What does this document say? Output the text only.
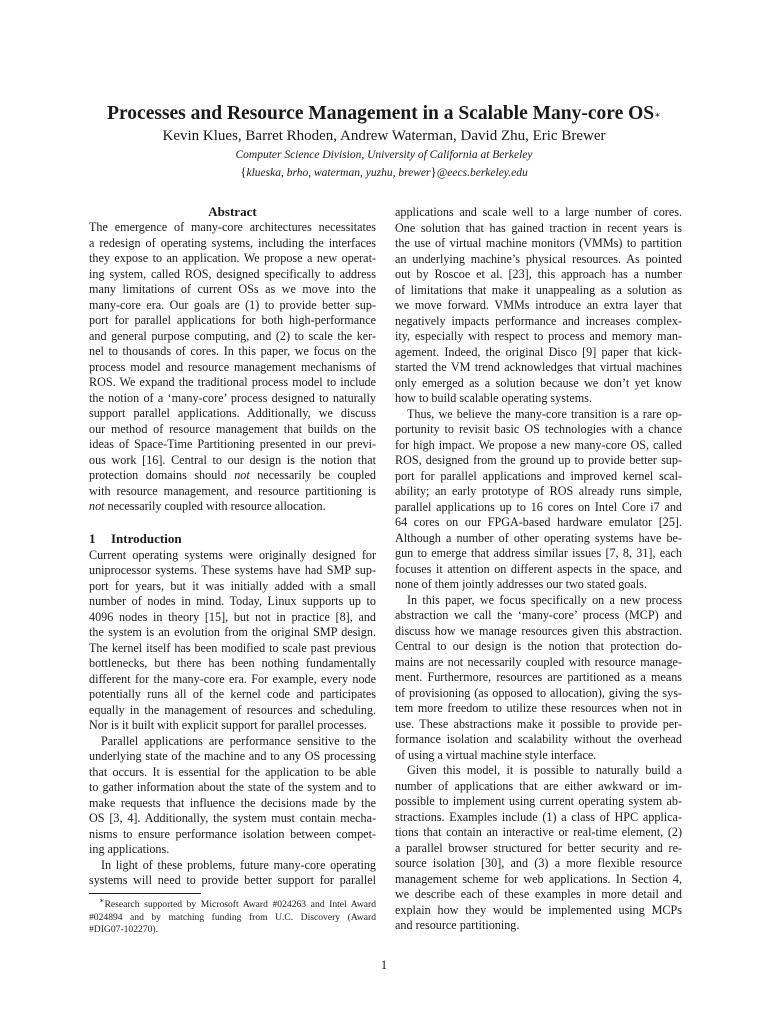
Processes and Resource Management in a Scalable Many-core OS∗
Kevin Klues, Barret Rhoden, Andrew Waterman, David Zhu, Eric Brewer
Computer Science Division, University of California at Berkeley
{klueska, brho, waterman, yuzhu, brewer}@eecs.berkeley.edu
Abstract
The emergence of many-core architectures necessitates
a redesign of operating systems, including the interfaces
they expose to an application. We propose a new operat-
ing system, called ROS, designed specifically to address
many limitations of current OSs as we move into the
many-core era. Our goals are (1) to provide better sup-
port for parallel applications for both high-performance
and general purpose computing, and (2) to scale the ker-
nel to thousands of cores. In this paper, we focus on the
process model and resource management mechanisms of
ROS. We expand the traditional process model to include
the notion of a ‘many-core’ process designed to naturally
support parallel applications. Additionally, we discuss
our method of resource management that builds on the
ideas of Space-Time Partitioning presented in our previ-
ous work [16]. Central to our design is the notion that
protection domains should not necessarily be coupled
with resource management, and resource partitioning is
not necessarily coupled with resource allocation.
1 Introduction
Current operating systems were originally designed for
uniprocessor systems. These systems have had SMP sup-
port for years, but it was initially added with a small
number of nodes in mind. Today, Linux supports up to
4096 nodes in theory [15], but not in practice [8], and
the system is an evolution from the original SMP design.
The kernel itself has been modified to scale past previous
bottlenecks, but there has been nothing fundamentally
different for the many-core era. For example, every node
potentially runs all of the kernel code and participates
equally in the management of resources and scheduling.
Nor is it built with explicit support for parallel processes.
Parallel applications are performance sensitive to the
underlying state of the machine and to any OS processing
that occurs. It is essential for the application to be able
to gather information about the state of the system and to
make requests that influence the decisions made by the
OS [3, 4]. Additionally, the system must contain mecha-
nisms to ensure performance isolation between compet-
ing applications.
In light of these problems, future many-core operating
systems will need to provide better support for parallel
applications and scale well to a large number of cores.
One solution that has gained traction in recent years is
the use of virtual machine monitors (VMMs) to partition
an underlying machine’s physical resources. As pointed
out by Roscoe et al. [23], this approach has a number
of limitations that make it unappealing as a solution as
we move forward. VMMs introduce an extra layer that
negatively impacts performance and increases complex-
ity, especially with respect to process and memory man-
agement. Indeed, the original Disco [9] paper that kick-
started the VM trend acknowledges that virtual machines
only emerged as a solution because we don’t yet know
how to build scalable operating systems.
Thus, we believe the many-core transition is a rare op-
portunity to revisit basic OS technologies with a chance
for high impact. We propose a new many-core OS, called
ROS, designed from the ground up to provide better sup-
port for parallel applications and improved kernel scal-
ability; an early prototype of ROS already runs simple,
parallel applications up to 16 cores on Intel Core i7 and
64 cores on our FPGA-based hardware emulator [25].
Although a number of other operating systems have be-
gun to emerge that address similar issues [7, 8, 31], each
focuses it attention on different aspects in the space, and
none of them jointly addresses our two stated goals.
In this paper, we focus specifically on a new process
abstraction we call the ‘many-core’ process (MCP) and
discuss how we manage resources given this abstraction.
Central to our design is the notion that protection do-
mains are not necessarily coupled with resource manage-
ment. Furthermore, resources are partitioned as a means
of provisioning (as opposed to allocation), giving the sys-
tem more freedom to utilize these resources when not in
use. These abstractions make it possible to provide per-
formance isolation and scalability without the overhead
of using a virtual machine style interface.
Given this model, it is possible to naturally build a
number of applications that are either awkward or im-
possible to implement using current operating system ab-
stractions. Examples include (1) a class of HPC applica-
tions that contain an interactive or real-time element, (2)
a parallel browser structured for better security and re-
source isolation [30], and (3) a more flexible resource
management scheme for web applications. In Section 4,
we describe each of these examples in more detail and
explain how they would be implemented using MCPs
and resource partitioning.
∗Research supported by Microsoft Award #024263 and Intel Award
#024894 and by matching funding from U.C. Discovery (Award
#DIG07-102270).
1
